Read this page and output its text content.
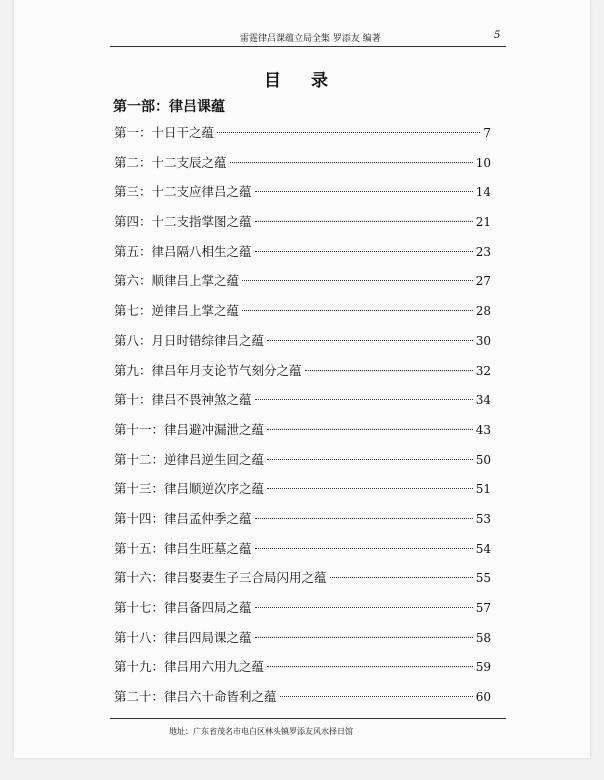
雷霆律吕课蕴立局全集 罗添友 编著	5
目 录
第一部：律吕课蕴
第一：十日干之蕴	7
第二：十二支辰之蕴	10
第三：十二支应律吕之蕴	14
第四：十二支指掌图之蕴	21
第五：律吕隔八相生之蕴	23
第六：顺律吕上掌之蕴	27
第七：逆律吕上掌之蕴	28
第八：月日时错综律吕之蕴	30
第九：律吕年月支论节气刻分之蕴	32
第十：律吕不畏神煞之蕴	34
第十一：律吕避冲漏泄之蕴	43
第十二：逆律吕逆生回之蕴	50
第十三：律吕顺逆次序之蕴	51
第十四：律吕孟仲季之蕴	53
第十五：律吕生旺墓之蕴	54
第十六：律吕娶妻生子三合局闪用之蕴	55
第十七：律吕备四局之蕴	57
第十八：律吕四局课之蕴	58
第十九：律吕用六用九之蕴	59
第二十：律吕六十命皆利之蕴	60
地址：广东省茂名市电白区林头镇罗添友风水择日馆
